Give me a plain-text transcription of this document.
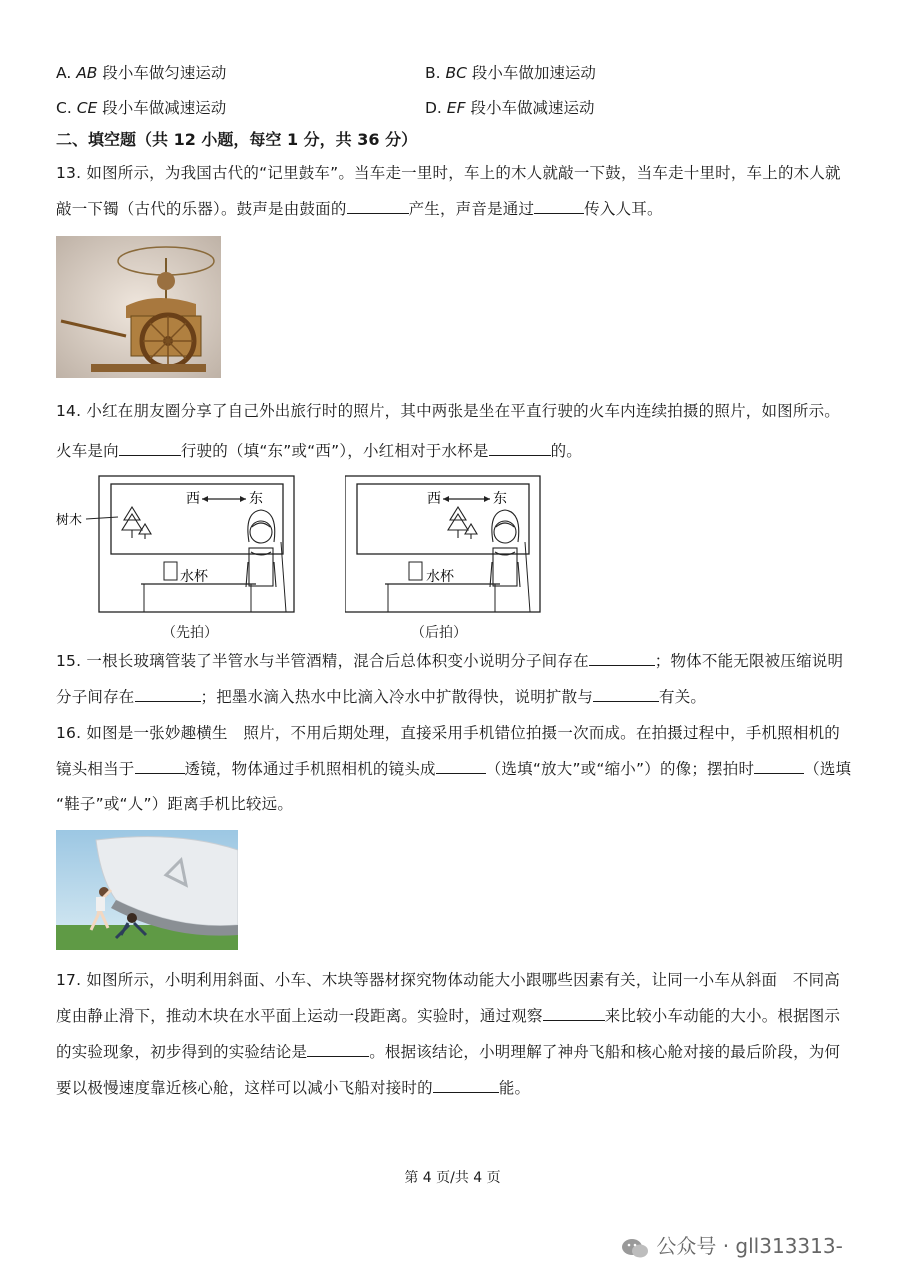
A. AB 段小车做匀速运动	B. BC 段小车做加速运动
C. CE 段小车做减速运动	D. EF 段小车做减速运动
二、填空题（共 12 小题，每空 1 分，共 36 分）
13. 如图所示，为我国古代的“记里鼓车”。当车走一里时，车上的木人就敲一下鼓，当车走十里时，车上的木人就
敲一下镯（古代的乐器）。鼓声是由鼓面的	产生，声音是通过	传入人耳。
14. 小红在朋友圈分享了自己外出旅行时的照片，其中两张是坐在平直行驶的火车内连续拍摄的照片，如图所示。
火车是向	行驶的（填“东”或“西”），小红相对于水杯是	的。
西	东
树木
水杯
（先拍）
西	东
水杯
（后拍）
15. 一根长玻璃管装了半管水与半管酒精，混合后总体积变小说明分子间存在	；物体不能无限被压缩说明
分子间存在	；把墨水滴入热水中比滴入冷水中扩散得快，说明扩散与	有关。
16. 如图是一张妙趣横生　照片，不用后期处理，直接采用手机错位拍摄一次而成。在拍摄过程中，手机照相机的
镜头相当于	透镜，物体通过手机照相机的镜头成	（选填“放大”或“缩小”）的像；摆拍时	（选填
“鞋子”或“人”）距离手机比较远。
17. 如图所示，小明利用斜面、小车、木块等器材探究物体动能大小跟哪些因素有关，让同一小车从斜面　不同高
度由静止滑下，推动木块在水平面上运动一段距离。实验时，通过观察	来比较小车动能的大小。根据图示
的实验现象，初步得到的实验结论是	。根据该结论，小明理解了神舟飞船和核心舱对接的最后阶段，为何
要以极慢速度靠近核心舱，这样可以减小飞船对接时的	能。
第 4 页/共 4 页
公众号 · gll313313-
